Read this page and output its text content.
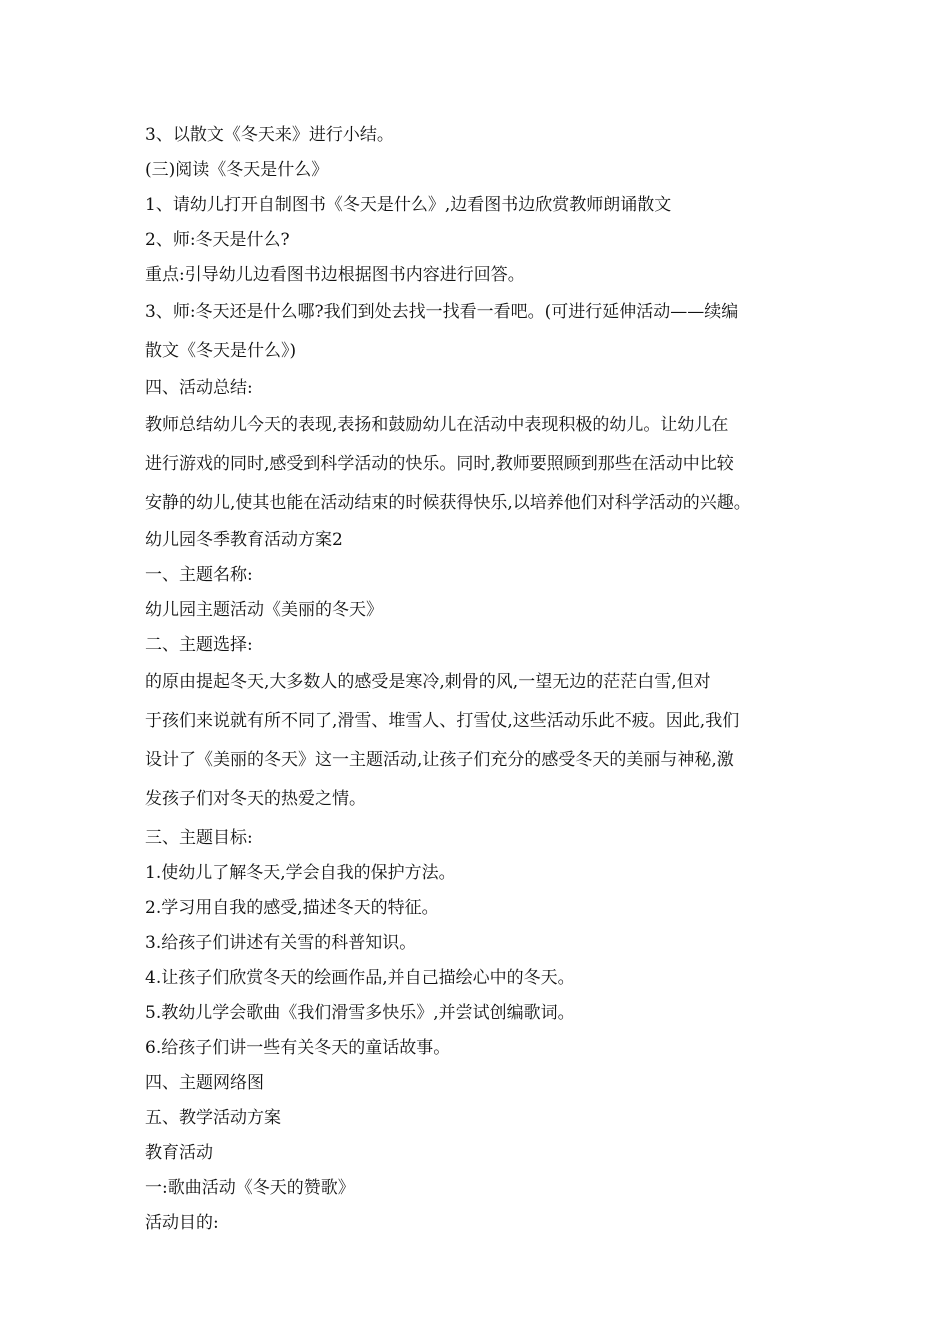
3、以散文《冬天来》进行小结。

(三)阅读《冬天是什么》

1、请幼儿打开自制图书《冬天是什么》,边看图书边欣赏教师朗诵散文

2、师:冬天是什么?

重点:引导幼儿边看图书边根据图书内容进行回答。

3、师:冬天还是什么哪?我们到处去找一找看一看吧。(可进行延伸活动——续编
散文《冬天是什么》)

四、活动总结:

教师总结幼儿今天的表现,表扬和鼓励幼儿在活动中表现积极的幼儿。让幼儿在
进行游戏的同时,感受到科学活动的快乐。同时,教师要照顾到那些在活动中比较
安静的幼儿,使其也能在活动结束的时候获得快乐,以培养他们对科学活动的兴趣。

幼儿园冬季教育活动方案2

一、主题名称:

幼儿园主题活动《美丽的冬天》

二、主题选择:

的原由提起冬天,大多数人的感受是寒冷,刺骨的风,一望无边的茫茫白雪,但对
于孩们来说就有所不同了,滑雪、堆雪人、打雪仗,这些活动乐此不疲。因此,我们
设计了《美丽的冬天》这一主题活动,让孩子们充分的感受冬天的美丽与神秘,激
发孩子们对冬天的热爱之情。

三、主题目标:

1.使幼儿了解冬天,学会自我的保护方法。

2.学习用自我的感受,描述冬天的特征。

3.给孩子们讲述有关雪的科普知识。

4.让孩子们欣赏冬天的绘画作品,并自己描绘心中的冬天。

5.教幼儿学会歌曲《我们滑雪多快乐》,并尝试创编歌词。

6.给孩子们讲一些有关冬天的童话故事。

四、主题网络图

五、教学活动方案

教育活动

一:歌曲活动《冬天的赞歌》

活动目的:
